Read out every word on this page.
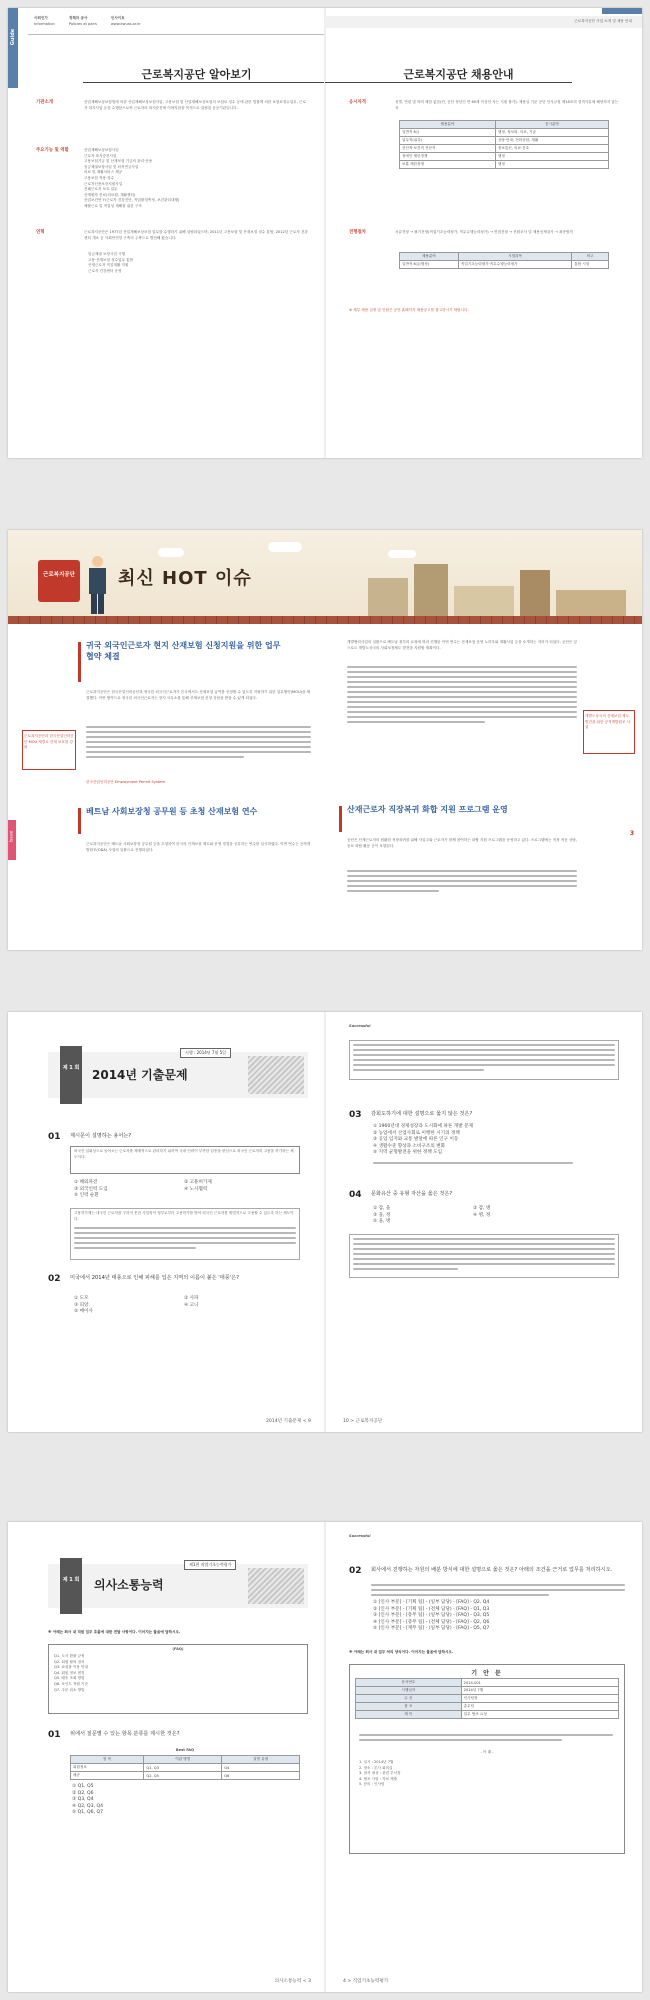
Guide
사회인가
Information
정책과 공사
Policies at pairs
인사이트
www.kwuss.or.kr
근로복지공단 알아보기
기관소개	산업재해보상보험법에 의한 산업재해보상보험사업, 고용보험 및 산업재해보상보험의 보험료 징수 등에 관한 법률에 의한 보험료징수업무, 근로자 복지사업 등을 수행함으로써 근로자의 복지증진에 이바지함을 목적으로 설립된 공공기관입니다.
주요기능 및 역할	산업재해보상보험사업
근로자 복지증진사업
고용보험기금 및 산재보험 기금의 관리·운용
임금채권보장사업 및 퇴직연금사업
의료 및 재활서비스 제공
고용보험 적용·징수
근로자신용보증지원사업
진폐근로자 보호 업무
산재환자 진료(의료원, 재활센터)
산업보건연구(근로자 건강진단, 작업환경측정, 보건관리대행)
체불근로 및 직업성 재해를 위한 구조
연혁	근로복지공단은 1977년 산업재해보상보험 업무를 수행하기 위해 설립되었으며, 2011년 고용보험 및 산재보험 징수 통합, 2012년 근로자 건강센터 개소 등 사회안전망 구축의 주축으로 발전해 왔습니다.
임금채권 보장사업 시행
고용·산재보험 징수업무 통합
산재근로자 직업재활 지원
근로자 건강센터 운영
근로복지공단 사업 소개 및 채용 안내
근로복지공단 채용안내
응시자격	성별, 연령 및 학력 제한 없음(단, 공단 정년인 만 60세 이상인 자는 지원 불가). 채용일 기준 공단 인사규정 제16조의 결격사유에 해당하지 않는 자
채용분야	응시분야
일반직 6급	행정, 정보화, 의료, 기술
업무직(위촉)	상담·안내, 전화상담, 재활
전산직·보건직 전문직	정보통신, 의료·간호
장애인 제한경쟁	행정
보훈 제한경쟁	행정
전형절차	서류전형 → 필기전형(직업기초능력평가, 직무수행능력평가) → 면접전형 → 신원조사 및 채용신체검사 → 최종합격
채용분야	시험과목	비고
일반직 6급(행정)	직업기초능력평가·직무수행능력평가	통합 시험
※ 세부 채용 일정 및 인원은 공단 홈페이지 채용공고를 참고하시기 바랍니다.
근로복지공단 최신 HOT 이슈
Issue
귀국 외국인근로자 현지 산재보험 신청지원을 위한 업무협약 체결
근로복지공단은 한국산업인력공단과 귀국한 외국인근로자가 본국에서도 산재보험 급여를 신청할 수 있도록 지원하기 위한 업무협약(MOU)을 체결했다. 이번 협약으로 귀국한 외국인근로자는 현지 사무소를 통해 산재보험 신청 상담을 받을 수 있게 되었다.
근로복지공단과 한국산업인력공단 MOU 체결로 산재 보호를 강화
한국산업인력공단 Employment Permit System
베트남 사회보장청 공무원 등 초청 산재보험 연수
근로복지공단은 베트남 사회보장청 공무원 등을 초청하여 한국의 산재보험 제도와 운영 경험을 공유하는 연수를 실시하였다. 이번 연수는 공적개발원조(ODA) 사업의 일환으로 진행되었다.
개발협력사업의 일환으로 베트남 정부의 요청에 따라 진행된 이번 연수는 산재보험 운영 노하우와 재활사업 등을 소개하는 자리가 되었다. 공단은 앞으로도 개발도상국의 사회보장제도 발전을 지원할 계획이다.
개발도상국의 산재보험 제도 발전을 위한 공적개발원조 사업
산재근로자 직장복귀 화합 지원 프로그램 운영
공단은 산재근로자의 원활한 직장복귀를 위해 사업주와 근로자가 함께 참여하는 화합 지원 프로그램을 운영하고 있다. 프로그램에는 직장 적응 상담, 동료 화합 활동 등이 포함된다.
3
제 1 회
시행 : 2014년 7월 5일
2014년 기출문제
01 제시문이 설명하는 용어는?
외국인 일회성으로 들어오는 근로자를 체계적으로 관리하기 위하여 국내 인력이 부족한 업종을 중심으로 외국인 근로자의 고용을 허가하는 제도이다.
① 해외파견	② 고용허가제
③ 외국인력 도입	④ 노사협력
⑤ 인력 순환
고용허가제는 내국인 근로자를 구하지 못한 사업장이 정부로부터 고용허가를 받아 외국인 근로자를 합법적으로 고용할 수 있도록 하는 제도이다.
02 미국에서 2014년 태풍으로 인해 피해를 입은 지역의 이름이 붙은 '태풍'은?
① 도모	② 사파
③ 피앙	④ 고니
⑤ 메이사
2014년 기출문제 < 9
Successful
03 감회도하기에 대한 설명으로 옳지 않은 것은?
① 1960년대 경제성장과 도시화에 따른 개발 문제
② 농업에서 산업사회로 이행한 시기의 정책
③ 공업 입지와 교통 발달에 따른 인구 이동
④ 생활수준 향상과 소비구조의 변화
⑤ 지역 균형발전을 위한 정책 도입
04 문화유산 중 유형 자산을 옳은 것은?
① 갑, 을	② 갑, 병
③ 을, 정	④ 병, 정
⑤ 을, 병
10 > 근로복지공단
제 1 회
제1편 직업기초능력평가
의사소통능력
※ 아래는 회사 내 직원 업무 흐름에 대한 전달 사항이다. 이어지는 물음에 답하시오.
(FAQ)
Q1. 도서 환불 규정
Q2. 회원 탈퇴 절차
Q3. 쇼핑몰 이용 안내
Q4. 회원 정보 변경
Q5. 배송 조회 방법
Q6. 포인트 적립 기준
Q7. 주문 취소 방법
01 위에서 질문별 수 있는 항목 분류를 제시한 것은?
Best FAQ
항 목	이관 방법	설명 유형
회원정보	Q1, Q3	Q4
배송	Q2, Q5	Q6
① Q1, Q5
② Q2, Q6
③ Q3, Q4
④ Q2, Q3, Q4
⑤ Q1, Q6, Q7
의사소통능력 < 3
Successful
02 회사에서 진행하는 자원의 배분 방식에 대한 설명으로 옳은 것은? 아래의 조건을 근거로 업무를 처리하시오.
① [인사 부문] - [기획 팀] - (일부 담당) - [FAQ] - Q2, Q4
② [인사 부문] - [기획 팀] - (전체 담당) - [FAQ] - Q1, Q3
③ [인사 부문] - [총무 팀] - (일부 담당) - [FAQ] - Q3, Q5
④ [인사 부문] - [총무 팀] - (전체 담당) - [FAQ] - Q2, Q6
⑤ [인사 부문] - [재무 팀] - (일부 담당) - [FAQ] - Q5, Q7
※ 아래는 회사 내 업무 처리 양식이다. 이어지는 물음에 답하시오.
기 안 문
문서번호	2014-001
시행일자	2014년 7월
수 신	인사팀장
참 조	총무팀
제 목	업무 협조 요청
- 아 래 -
1. 일시 : 2014년 7월
2. 장소 : 본사 회의실
3. 참석 대상 : 관련 부서장
4. 협조 사항 : 자료 제출
5. 문의 : 인사팀
4 > 직업기초능력평가
